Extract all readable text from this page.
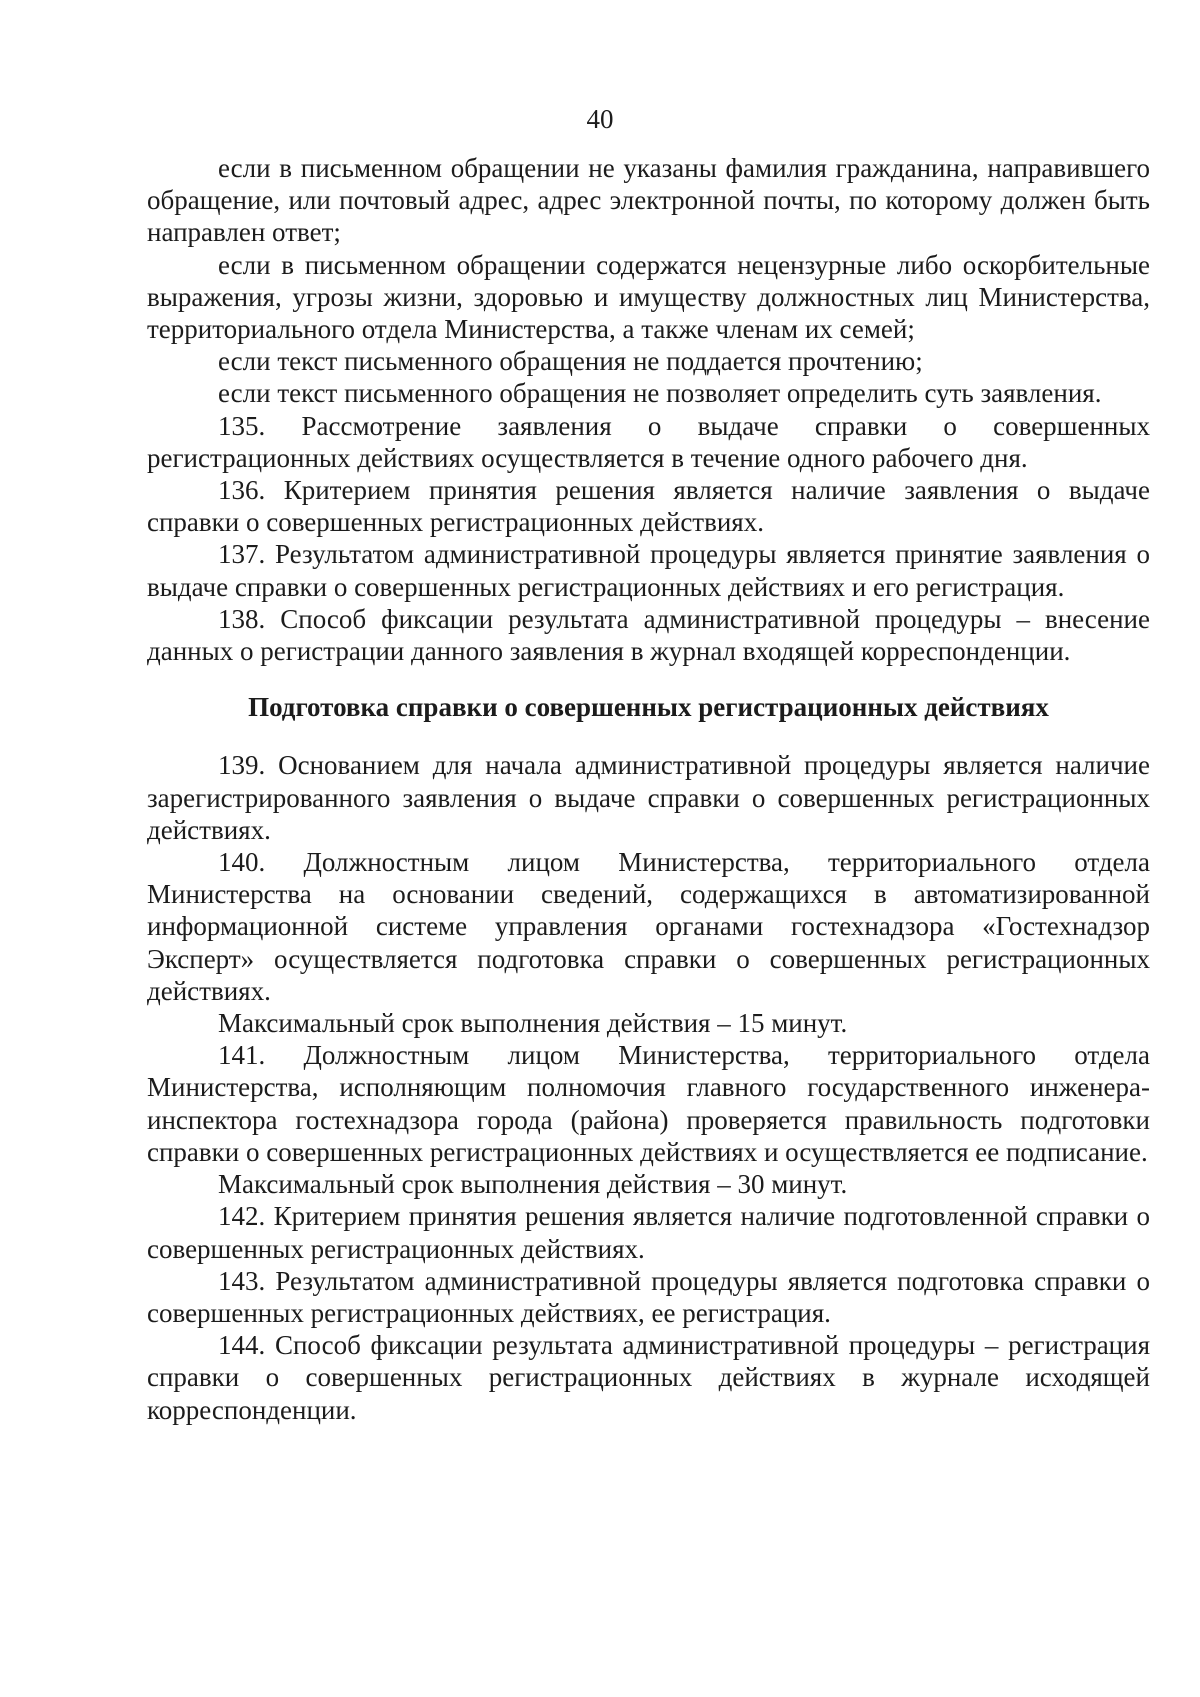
40

если в письменном обращении не указаны фамилия гражданина, направившего обращение, или почтовый адрес, адрес электронной почты, по которому должен быть направлен ответ;

если в письменном обращении содержатся нецензурные либо оскорбительные выражения, угрозы жизни, здоровью и имуществу должностных лиц Министерства, территориального отдела Министерства, а также членам их семей;

если текст письменного обращения не поддается прочтению;

если текст письменного обращения не позволяет определить суть заявления.

135. Рассмотрение заявления о выдаче справки о совершенных регистрационных действиях осуществляется в течение одного рабочего дня.

136. Критерием принятия решения является наличие заявления о выдаче справки о совершенных регистрационных действиях.

137. Результатом административной процедуры является принятие заявления о выдаче справки о совершенных регистрационных действиях и его регистрация.

138. Способ фиксации результата административной процедуры – внесение данных о регистрации данного заявления в журнал входящей корреспонденции.

Подготовка справки о совершенных регистрационных действиях

139. Основанием для начала административной процедуры является наличие зарегистрированного заявления о выдаче справки о совершенных регистрационных действиях.

140. Должностным лицом Министерства, территориального отдела Министерства на основании сведений, содержащихся в автоматизированной информационной системе управления органами гостехнадзора «Гостехнадзор Эксперт» осуществляется подготовка справки о совершенных регистрационных действиях.

Максимальный срок выполнения действия – 15 минут.

141. Должностным лицом Министерства, территориального отдела Министерства, исполняющим полномочия главного государственного инженера-инспектора гостехнадзора города (района) проверяется правильность подготовки справки о совершенных регистрационных действиях и осуществляется ее подписание.

Максимальный срок выполнения действия – 30 минут.

142. Критерием принятия решения является наличие подготовленной справки о совершенных регистрационных действиях.

143. Результатом административной процедуры является подготовка справки о совершенных регистрационных действиях, ее регистрация.

144. Способ фиксации результата административной процедуры – регистрация справки о совершенных регистрационных действиях в журнале исходящей корреспонденции.
